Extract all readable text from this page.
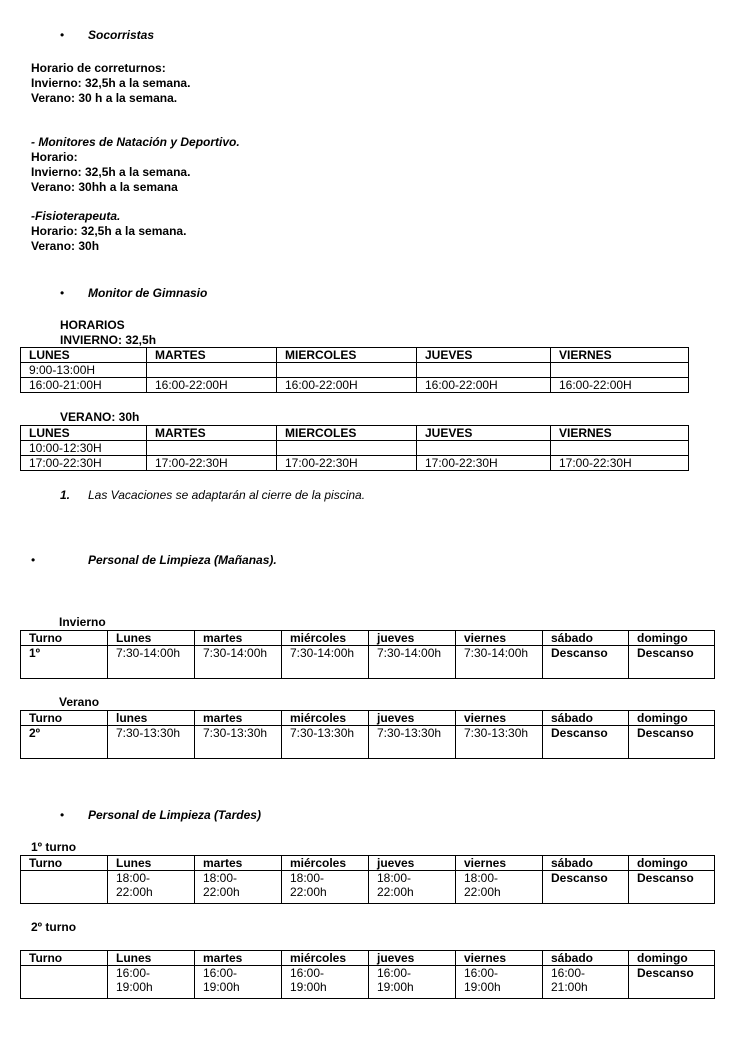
• Socorristas
Horario de correturnos:
Invierno: 32,5h a la semana.
Verano: 30 h a la semana.
- Monitores de Natación y Deportivo.
Horario:
Invierno: 32,5h a la semana.
Verano: 30hh a la semana
-Fisioterapeuta.
Horario: 32,5h a la semana.
Verano: 30h
• Monitor de Gimnasio
HORARIOS
INVIERNO: 32,5h
LUNES	MARTES	MIERCOLES	JUEVES	VIERNES
9:00-13:00H				
16:00-21:00H	16:00-22:00H	16:00-22:00H	16:00-22:00H	16:00-22:00H
VERANO: 30h
LUNES	MARTES	MIERCOLES	JUEVES	VIERNES
10:00-12:30H				
17:00-22:30H	17:00-22:30H	17:00-22:30H	17:00-22:30H	17:00-22:30H
1. Las Vacaciones se adaptarán al cierre de la piscina.
•	Personal de Limpieza (Mañanas).
Invierno
Turno	Lunes	martes	miércoles	jueves	viernes	sábado	domingo
1º	7:30-14:00h	7:30-14:00h	7:30-14:00h	7:30-14:00h	7:30-14:00h	Descanso	Descanso
Verano
Turno	lunes	martes	miércoles	jueves	viernes	sábado	domingo
2º	7:30-13:30h	7:30-13:30h	7:30-13:30h	7:30-13:30h	7:30-13:30h	Descanso	Descanso
• Personal de Limpieza (Tardes)
1º turno
Turno	Lunes	martes	miércoles	jueves	viernes	sábado	domingo
	18:00-
22:00h	18:00-
22:00h	18:00-
22:00h	18:00-
22:00h	18:00-
22:00h	Descanso	Descanso
2º turno
Turno	Lunes	martes	miércoles	jueves	viernes	sábado	domingo
	16:00-
19:00h	16:00-
19:00h	16:00-
19:00h	16:00-
19:00h	16:00-
19:00h	16:00-
21:00h	Descanso
